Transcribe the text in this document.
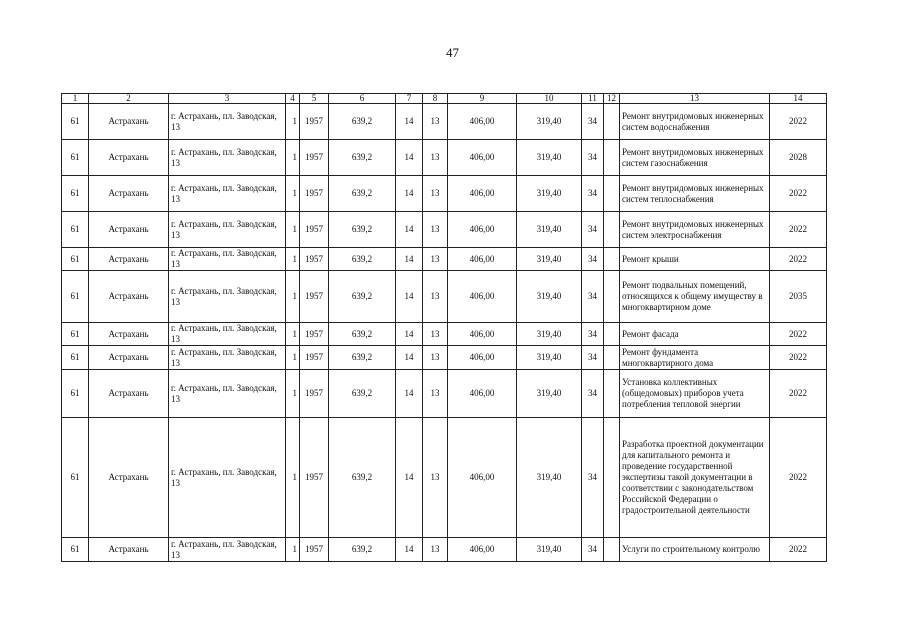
47
1	2	3	4	5	6	7	8	9	10	11	12	13	14
61	Астрахань	г. Астрахань, пл. Заводская, 13	1	1957	639,2	14	13	406,00	319,40	34		Ремонт внутридомовых инженерных систем водоснабжения	2022
61	Астрахань	г. Астрахань, пл. Заводская, 13	1	1957	639,2	14	13	406,00	319,40	34		Ремонт внутридомовых инженерных систем газоснабжения	2028
61	Астрахань	г. Астрахань, пл. Заводская, 13	1	1957	639,2	14	13	406,00	319,40	34		Ремонт внутридомовых инженерных систем теплоснабжения	2022
61	Астрахань	г. Астрахань, пл. Заводская, 13	1	1957	639,2	14	13	406,00	319,40	34		Ремонт внутридомовых инженерных систем электроснабжения	2022
61	Астрахань	г. Астрахань, пл. Заводская, 13	1	1957	639,2	14	13	406,00	319,40	34		Ремонт крыши	2022
61	Астрахань	г. Астрахань, пл. Заводская, 13	1	1957	639,2	14	13	406,00	319,40	34		Ремонт подвальных помещений, относящихся к общему имуществу в многоквартирном доме	2035
61	Астрахань	г. Астрахань, пл. Заводская, 13	1	1957	639,2	14	13	406,00	319,40	34		Ремонт фасада	2022
61	Астрахань	г. Астрахань, пл. Заводская, 13	1	1957	639,2	14	13	406,00	319,40	34		Ремонт фундамента многоквартирного дома	2022
61	Астрахань	г. Астрахань, пл. Заводская, 13	1	1957	639,2	14	13	406,00	319,40	34		Установка коллективных (общедомовых) приборов учета потребления тепловой энергии	2022
61	Астрахань	г. Астрахань, пл. Заводская, 13	1	1957	639,2	14	13	406,00	319,40	34		Разработка проектной документации для капитального ремонта и проведение государственной экспертизы такой документации в соответствии с законодательством Российской Федерации о градостроительной деятельности	2022
61	Астрахань	г. Астрахань, пл. Заводская, 13	1	1957	639,2	14	13	406,00	319,40	34		Услуги по строительному контролю	2022
